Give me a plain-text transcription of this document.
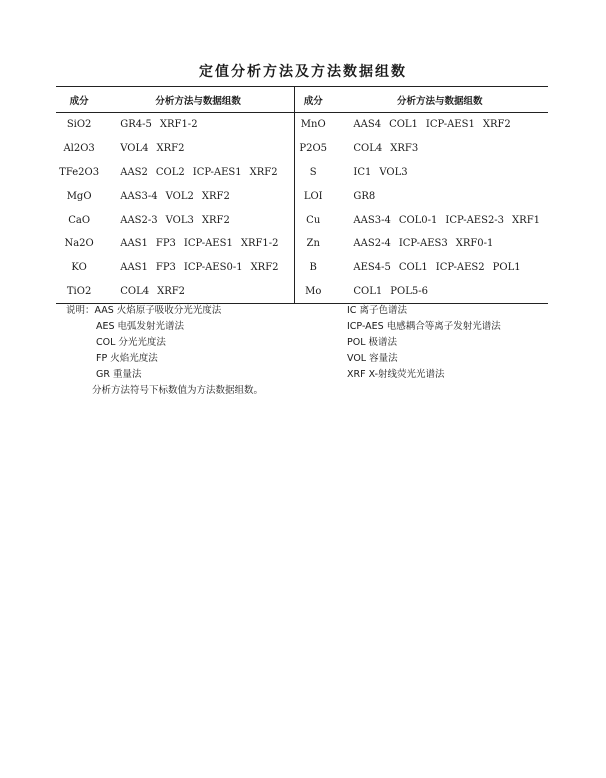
定值分析方法及方法数据组数
成分	分析方法与数据组数	成分	分析方法与数据组数
SiO2	GR4-5 XRF1-2	MnO	AAS4 COL1 ICP-AES1 XRF2
Al2O3	VOL4 XRF2	P2O5	COL4 XRF3
TFe2O3	AAS2 COL2 ICP-AES1 XRF2	S	IC1 VOL3
MgO	AAS3-4 VOL2 XRF2	LOI	GR8
CaO	AAS2-3 VOL3 XRF2	Cu	AAS3-4 COL0-1 ICP-AES2-3 XRF1
Na2O	AAS1 FP3 ICP-AES1 XRF1-2	Zn	AAS2-4 ICP-AES3 XRF0-1
KO	AAS1 FP3 ICP-AES0-1 XRF2	B	AES4-5 COL1 ICP-AES2 POL1
TiO2	COL4 XRF2	Mo	COL1 POL5-6
说明：AAS 火焰原子吸收分光光度法
AES 电弧发射光谱法
COL 分光光度法
FP 火焰光度法
GR 重量法
分析方法符号下标数值为方法数据组数。
IC 离子色谱法
ICP-AES 电感耦合等离子发射光谱法
POL 极谱法
VOL 容量法
XRF X-射线荧光光谱法
